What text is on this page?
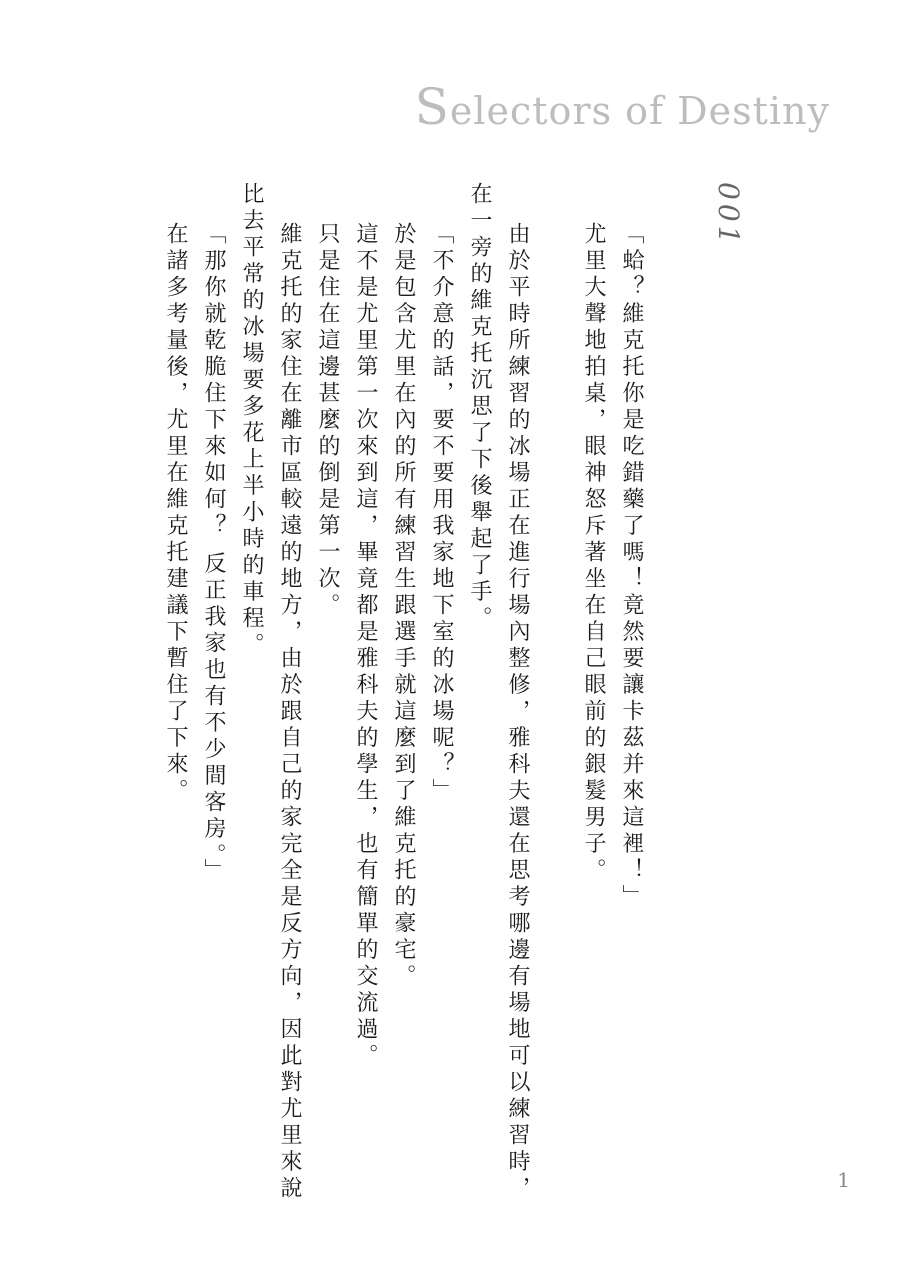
Selectors of Destiny
001
「蛤？維克托你是吃錯藥了嗎！竟然要讓卡茲并來這裡！」
尤里大聲地拍桌，眼神怒斥著坐在自己眼前的銀髮男子。
由於平時所練習的冰場正在進行場內整修，雅科夫還在思考哪邊有場地可以練習時，
在一旁的維克托沉思了下後舉起了手。
「不介意的話，要不要用我家地下室的冰場呢？」
於是包含尤里在內的所有練習生跟選手就這麼到了維克托的豪宅。
這不是尤里第一次來到這，畢竟都是雅科夫的學生，也有簡單的交流過。
只是住在這邊甚麼的倒是第一次。
維克托的家住在離市區較遠的地方，由於跟自己的家完全是反方向，因此對尤里來說
比去平常的冰場要多花上半小時的車程。
「那你就乾脆住下來如何？ 反正我家也有不少間客房。」
在諸多考量後，尤里在維克托建議下暫住了下來。
1
